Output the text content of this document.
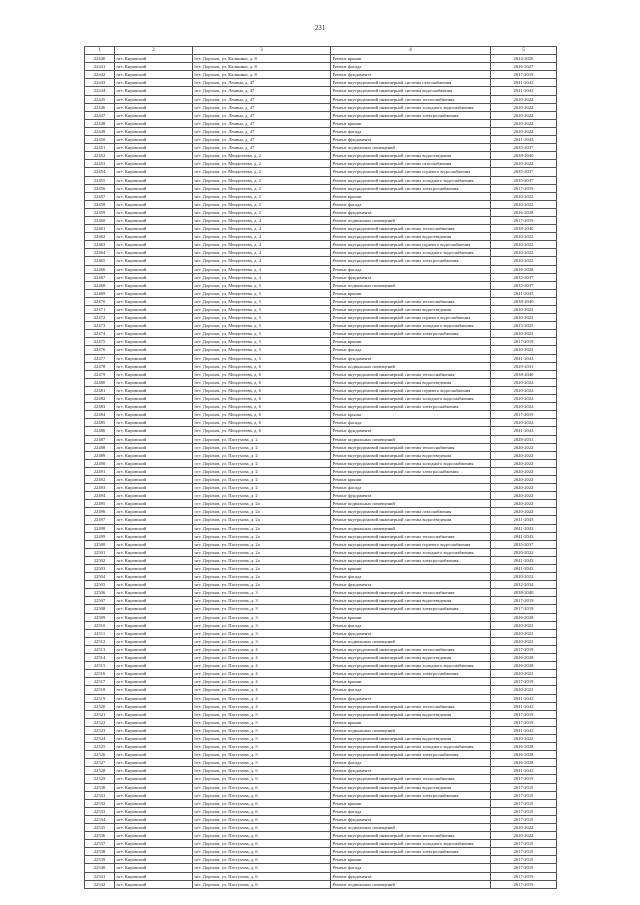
231
1	2	3	4	5
22440	пгт. Кировский	пгт. Дорохов, ул. Калинина, д. 8	Ремонт крыши	2024-2026
22441	пгт. Кировский	пгт. Дорохов, ул. Калинина, д. 8	Ремонт фасада	2026-2027
22442	пгт. Кировский	пгт. Дорохов, ул. Калинина, д. 8	Ремонт фундамента	2017-2019
22443	пгт. Кировский	пгт. Дорохов, ул. Ленина, д. 47	Ремонт внутридомовой инженерной системы газоснабжения	2041-2043
22444	пгт. Кировский	пгт. Дорохов, ул. Ленина, д. 47	Ремонт внутридомовой инженерной системы водоснабжения	2041-2043
22445	пгт. Кировский	пгт. Дорохов, ул. Ленина, д. 47	Ремонт внутридомовой инженерной системы теплоснабжения	2020-2022
22446	пгт. Кировский	пгт. Дорохов, ул. Ленина, д. 47	Ремонт внутридомовой инженерной системы холодного водоснабжения	2020-2022
22447	пгт. Кировский	пгт. Дорохов, ул. Ленина, д. 47	Ремонт внутридомовой инженерной системы электроснабжения	2020-2022
22448	пгт. Кировский	пгт. Дорохов, ул. Ленина, д. 47	Ремонт крыши	2020-2022
22449	пгт. Кировский	пгт. Дорохов, ул. Ленина, д. 47	Ремонт фасада	2020-2022
22450	пгт. Кировский	пгт. Дорохов, ул. Ленина, д. 47	Ремонт фундамента	2041-2043
22451	пгт. Кировский	пгт. Дорохов, ул. Ленина, д. 47	Ремонт подвальных помещений	2035-2037
22452	пгт. Кировский	пгт. Дорохов, ул. Менделеева, д. 2	Ремонт внутридомовой инженерной системы водоотведения	2038-2040
22453	пгт. Кировский	пгт. Дорохов, ул. Менделеева, д. 2	Ремонт внутридомовой инженерной системы газоснабжения	2020-2022
22454	пгт. Кировский	пгт. Дорохов, ул. Менделеева, д. 2	Ремонт внутридомовой инженерной системы горячего водоснабжения	2035-2037
22455	пгт. Кировский	пгт. Дорохов, ул. Менделеева, д. 2	Ремонт внутридомовой инженерной системы холодного водоснабжения	2035-2037
22456	пгт. Кировский	пгт. Дорохов, ул. Менделеева, д. 2	Ремонт внутридомовой инженерной системы электроснабжения	2017-2019
22457	пгт. Кировский	пгт. Дорохов, ул. Менделеева, д. 2	Ремонт крыши	2020-2022
22458	пгт. Кировский	пгт. Дорохов, ул. Менделеева, д. 2	Ремонт фасада	2020-2022
22459	пгт. Кировский	пгт. Дорохов, ул. Менделеева, д. 2	Ремонт фундамента	2026-2028
22460	пгт. Кировский	пгт. Дорохов, ул. Менделеева, д. 4	Ремонт подвальных помещений	2017-2019
22461	пгт. Кировский	пгт. Дорохов, ул. Менделеева, д. 4	Ремонт внутридомовой инженерной системы теплоснабжения	2038-2040
22462	пгт. Кировский	пгт. Дорохов, ул. Менделеева, д. 4	Ремонт внутридомовой инженерной системы водоотведения	2020-2022
22463	пгт. Кировский	пгт. Дорохов, ул. Менделеева, д. 4	Ремонт внутридомовой инженерной системы горячего водоснабжения	2020-2022
22464	пгт. Кировский	пгт. Дорохов, ул. Менделеева, д. 4	Ремонт внутридомовой инженерной системы холодного водоснабжения	2020-2022
22465	пгт. Кировский	пгт. Дорохов, ул. Менделеева, д. 4	Ремонт внутридомовой инженерной системы электроснабжения	2020-2022
22466	пгт. Кировский	пгт. Дорохов, ул. Менделеева, д. 4	Ремонт фасада	2026-2028
22467	пгт. Кировский	пгт. Дорохов, ул. Менделеева, д. 4	Ремонт фундамента	2035-2037
22468	пгт. Кировский	пгт. Дорохов, ул. Менделеева, д. 5	Ремонт подвальных помещений	2035-2037
22469	пгт. Кировский	пгт. Дорохов, ул. Менделеева, д. 5	Ремонт крыши	2041-2043
22470	пгт. Кировский	пгт. Дорохов, ул. Менделеева, д. 5	Ремонт внутридомовой инженерной системы теплоснабжения	2038-2040
22471	пгт. Кировский	пгт. Дорохов, ул. Менделеева, д. 5	Ремонт внутридомовой инженерной системы водоотведения	2020-2022
22472	пгт. Кировский	пгт. Дорохов, ул. Менделеева, д. 5	Ремонт внутридомовой инженерной системы горячего водоснабжения	2020-2022
22473	пгт. Кировский	пгт. Дорохов, ул. Менделеева, д. 5	Ремонт внутридомовой инженерной системы холодного водоснабжения	2023-2025
22474	пгт. Кировский	пгт. Дорохов, ул. Менделеева, д. 5	Ремонт внутридомовой инженерной системы электроснабжения	2020-2022
22475	пгт. Кировский	пгт. Дорохов, ул. Менделеева, д. 5	Ремонт крыши	2017-2019
22476	пгт. Кировский	пгт. Дорохов, ул. Менделеева, д. 5	Ремонт фасада	2020-2022
22477	пгт. Кировский	пгт. Дорохов, ул. Менделеева, д. 5	Ремонт фундамента	2041-2043
22478	пгт. Кировский	пгт. Дорохов, ул. Менделеева, д. 6	Ремонт подвальных помещений	2029-2031
22479	пгт. Кировский	пгт. Дорохов, ул. Менделеева, д. 6	Ремонт внутридомовой инженерной системы теплоснабжения	2038-2040
22480	пгт. Кировский	пгт. Дорохов, ул. Менделеева, д. 6	Ремонт внутридомовой инженерной системы водоотведения	2020-2022
22481	пгт. Кировский	пгт. Дорохов, ул. Менделеева, д. 6	Ремонт внутридомовой инженерной системы горячего водоснабжения	2020-2022
22482	пгт. Кировский	пгт. Дорохов, ул. Менделеева, д. 6	Ремонт внутридомовой инженерной системы холодного водоснабжения	2020-2022
22483	пгт. Кировский	пгт. Дорохов, ул. Менделеева, д. 6	Ремонт внутридомовой инженерной системы электроснабжения	2020-2022
22484	пгт. Кировский	пгт. Дорохов, ул. Менделеева, д. 6	Ремонт крыши	2017-2019
22485	пгт. Кировский	пгт. Дорохов, ул. Менделеева, д. 6	Ремонт фасада	2020-2022
22486	пгт. Кировский	пгт. Дорохов, ул. Менделеева, д. 6	Ремонт фундамента	2041-2043
22487	пгт. Кировский	пгт. Дорохов, ул. Пастухова, д. 2	Ремонт подвальных помещений	2029-2031
22488	пгт. Кировский	пгт. Дорохов, ул. Пастухова, д. 2	Ремонт внутридомовой инженерной системы теплоснабжения	2020-2022
22489	пгт. Кировский	пгт. Дорохов, ул. Пастухова, д. 2	Ремонт внутридомовой инженерной системы водоотведения	2020-2022
22490	пгт. Кировский	пгт. Дорохов, ул. Пастухова, д. 2	Ремонт внутридомовой инженерной системы холодного водоснабжения	2020-2022
22491	пгт. Кировский	пгт. Дорохов, ул. Пастухова, д. 2	Ремонт внутридомовой инженерной системы электроснабжения	2020-2022
22492	пгт. Кировский	пгт. Дорохов, ул. Пастухова, д. 2	Ремонт крыши	2020-2022
22493	пгт. Кировский	пгт. Дорохов, ул. Пастухова, д. 2	Ремонт фасада	2020-2022
22494	пгт. Кировский	пгт. Дорохов, ул. Пастухова, д. 2	Ремонт фундамента	2020-2022
22495	пгт. Кировский	пгт. Дорохов, ул. Пастухова, д. 2а	Ремонт подвальных помещений	2020-2022
22496	пгт. Кировский	пгт. Дорохов, ул. Пастухова, д. 2а	Ремонт внутридомовой инженерной системы газоснабжения	2020-2022
22497	пгт. Кировский	пгт. Дорохов, ул. Пастухова, д. 2а	Ремонт внутридомовой инженерной системы водоотведения	2041-2043
22498	пгт. Кировский	пгт. Дорохов, ул. Пастухова, д. 2а	Ремонт подвальных помещений	2041-2043
22499	пгт. Кировский	пгт. Дорохов, ул. Пастухова, д. 2а	Ремонт внутридомовой инженерной системы теплоснабжения	2041-2043
22500	пгт. Кировский	пгт. Дорохов, ул. Пастухова, д. 2а	Ремонт внутридомовой инженерной системы горячего водоснабжения	2035-2037
22501	пгт. Кировский	пгт. Дорохов, ул. Пастухова, д. 2а	Ремонт внутридомовой инженерной системы холодного водоснабжения	2020-2022
22502	пгт. Кировский	пгт. Дорохов, ул. Пастухова, д. 2а	Ремонт внутридомовой инженерной системы электроснабжения	2041-2043
22503	пгт. Кировский	пгт. Дорохов, ул. Пастухова, д. 2а	Ремонт крыши	2041-2043
22504	пгт. Кировский	пгт. Дорохов, ул. Пастухова, д. 2а	Ремонт фасада	2020-2022
22505	пгт. Кировский	пгт. Дорохов, ул. Пастухова, д. 2а	Ремонт фундамента	2032-2034
22506	пгт. Кировский	пгт. Дорохов, ул. Пастухова, д. 3	Ремонт внутридомовой инженерной системы теплоснабжения	2038-2040
22507	пгт. Кировский	пгт. Дорохов, ул. Пастухова, д. 3	Ремонт внутридомовой инженерной системы водоотведения	2017-2019
22508	пгт. Кировский	пгт. Дорохов, ул. Пастухова, д. 3	Ремонт внутридомовой инженерной системы электроснабжения	2017-2019
22509	пгт. Кировский	пгт. Дорохов, ул. Пастухова, д. 3	Ремонт крыши	2026-2028
22510	пгт. Кировский	пгт. Дорохов, ул. Пастухова, д. 3	Ремонт фасада	2020-2022
22511	пгт. Кировский	пгт. Дорохов, ул. Пастухова, д. 3	Ремонт фундамента	2020-2022
22512	пгт. Кировский	пгт. Дорохов, ул. Пастухова, д. 3	Ремонт подвальных помещений	2020-2022
22513	пгт. Кировский	пгт. Дорохов, ул. Пастухова, д. 4	Ремонт внутридомовой инженерной системы теплоснабжения	2017-2019
22514	пгт. Кировский	пгт. Дорохов, ул. Пастухова, д. 4	Ремонт внутридомовой инженерной системы водоотведения	2026-2028
22515	пгт. Кировский	пгт. Дорохов, ул. Пастухова, д. 4	Ремонт внутридомовой инженерной системы холодного водоснабжения	2026-2028
22516	пгт. Кировский	пгт. Дорохов, ул. Пастухова, д. 4	Ремонт внутридомовой инженерной системы электроснабжения	2020-2022
22517	пгт. Кировский	пгт. Дорохов, ул. Пастухова, д. 4	Ремонт крыши	2017-2019
22518	пгт. Кировский	пгт. Дорохов, ул. Пастухова, д. 4	Ремонт фасада	2020-2022
22519	пгт. Кировский	пгт. Дорохов, ул. Пастухова, д. 4	Ремонт фундамента	2041-2043
22520	пгт. Кировский	пгт. Дорохов, ул. Пастухова, д. 4	Ремонт внутридомовой инженерной системы теплоснабжения	2041-2043
22521	пгт. Кировский	пгт. Дорохов, ул. Пастухова, д. 5	Ремонт внутридомовой инженерной системы водоотведения	2017-2019
22522	пгт. Кировский	пгт. Дорохов, ул. Пастухова, д. 5	Ремонт крыши	2017-2019
22523	пгт. Кировский	пгт. Дорохов, ул. Пастухова, д. 5	Ремонт подвальных помещений	2041-2043
22524	пгт. Кировский	пгт. Дорохов, ул. Пастухова, д. 5	Ремонт внутридомовой инженерной системы водоотведения	2020-2022
22525	пгт. Кировский	пгт. Дорохов, ул. Пастухова, д. 5	Ремонт внутридомовой инженерной системы холодного водоснабжения	2026-2028
22526	пгт. Кировский	пгт. Дорохов, ул. Пастухова, д. 5	Ремонт внутридомовой инженерной системы электроснабжения	2026-2028
22527	пгт. Кировский	пгт. Дорохов, ул. Пастухова, д. 5	Ремонт фасада	2026-2028
22528	пгт. Кировский	пгт. Дорохов, ул. Пастухова, д. 6	Ремонт фундамента	2041-2043
22529	пгт. Кировский	пгт. Дорохов, ул. Пастухова, д. 6	Ремонт внутридомовой инженерной системы теплоснабжения	2017-2019
22530	пгт. Кировский	пгт. Дорохов, ул. Пастухова, д. 6	Ремонт внутридомовой инженерной системы водоотведения	2017-2019
22531	пгт. Кировский	пгт. Дорохов, ул. Пастухова, д. 6	Ремонт внутридомовой инженерной системы электроснабжения	2017-2019
22532	пгт. Кировский	пгт. Дорохов, ул. Пастухова, д. 6	Ремонт крыши	2017-2019
22533	пгт. Кировский	пгт. Дорохов, ул. Пастухова, д. 6	Ремонт фасада	2017-2019
22534	пгт. Кировский	пгт. Дорохов, ул. Пастухова, д. 6	Ремонт фундамента	2017-2019
22535	пгт. Кировский	пгт. Дорохов, ул. Пастухова, д. 6	Ремонт подвальных помещений	2020-2022
22536	пгт. Кировский	пгт. Дорохов, ул. Пастухова, д. 6	Ремонт внутридомовой инженерной системы теплоснабжения	2020-2022
22537	пгт. Кировский	пгт. Дорохов, ул. Пастухова, д. 6	Ремонт внутридомовой инженерной системы холодного водоснабжения	2017-2019
22538	пгт. Кировский	пгт. Дорохов, ул. Пастухова, д. 6	Ремонт внутридомовой инженерной системы электроснабжения	2017-2019
22539	пгт. Кировский	пгт. Дорохов, ул. Пастухова, д. 6	Ремонт крыши	2017-2019
22540	пгт. Кировский	пгт. Дорохов, ул. Пастухова, д. 6	Ремонт фасада	2017-2019
22541	пгт. Кировский	пгт. Дорохов, ул. Пастухова, д. 6	Ремонт фундамента	2017-2019
22542	пгт. Кировский	пгт. Дорохов, ул. Пастухова, д. 6	Ремонт подвальных помещений	2017-2019
